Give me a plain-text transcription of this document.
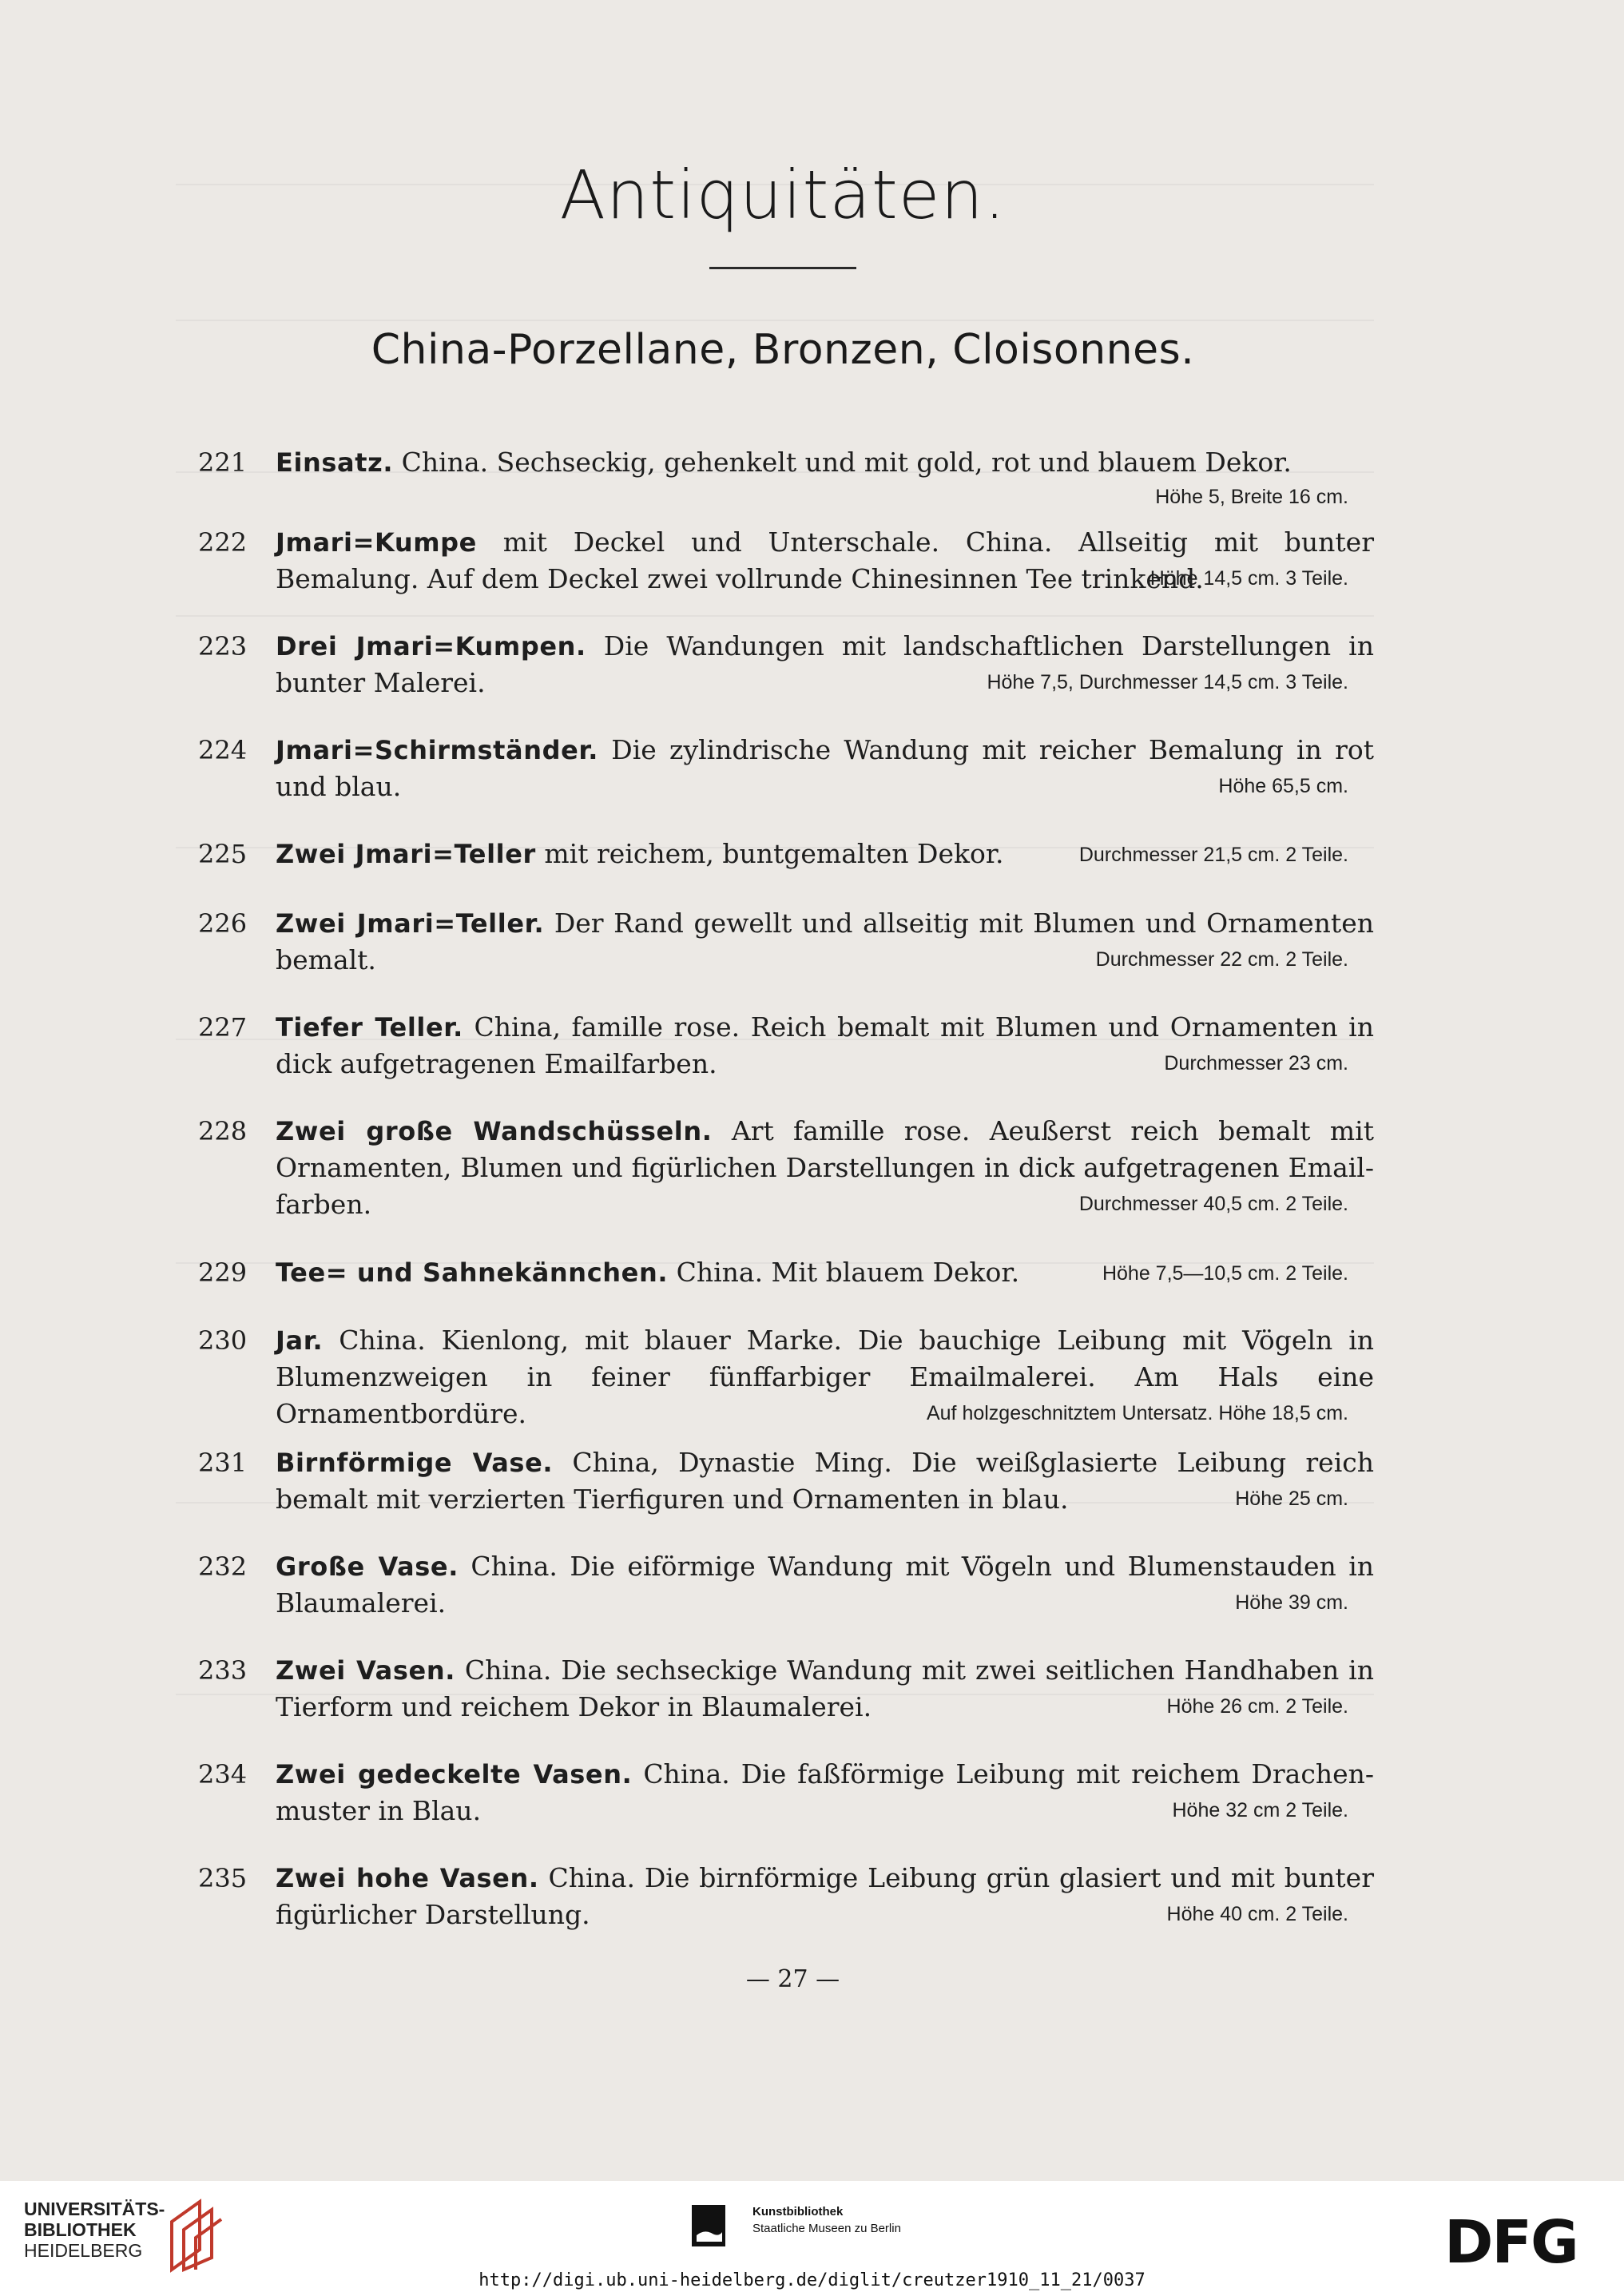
Antiquitäten.
China-Porzellane, Bronzen, Cloisonnes.
221	Einsatz. China. Sechseckig, gehenkelt und mit gold, rot und blauem Dekor.
Höhe 5, Breite 16 cm.
222	Jmari=Kumpe mit Deckel und Unterschale. China. Allseitig mit bunter Bemalung. Auf dem Deckel zwei vollrunde Chinesinnen Tee trinkend.
Höhe 14,5 cm. 3 Teile.
223	Drei Jmari=Kumpen. Die Wandungen mit landschaftlichen Darstellungen in bunter Malerei.	Höhe 7,5, Durchmesser 14,5 cm. 3 Teile.
224	Jmari=Schirmständer. Die zylindrische Wandung mit reicher Bemalung in rot und blau.	Höhe 65,5 cm.
225	Zwei Jmari=Teller mit reichem, buntgemalten Dekor.	Durchmesser 21,5 cm. 2 Teile.
226	Zwei Jmari=Teller. Der Rand gewellt und allseitig mit Blumen und Ornamenten bemalt.	Durchmesser 22 cm. 2 Teile.
227	Tiefer Teller. China, famille rose. Reich bemalt mit Blumen und Ornamenten in dick aufgetragenen Emailfarben.	Durchmesser 23 cm.
228	Zwei große Wandschüsseln. Art famille rose. Aeußerst reich bemalt mit Ornamenten, Blumen und figürlichen Darstellungen in dick aufgetragenen Email-farben.	Durchmesser 40,5 cm. 2 Teile.
229	Tee= und Sahnekännchen. China. Mit blauem Dekor.	Höhe 7,5—10,5 cm. 2 Teile.
230	Jar. China. Kienlong, mit blauer Marke. Die bauchige Leibung mit Vögeln in Blumenzweigen in feiner fünffarbiger Emailmalerei. Am Hals eine Ornamentbordüre.	Auf holzgeschnitztem Untersatz. Höhe 18,5 cm.
231	Birnförmige Vase. China, Dynastie Ming. Die weißglasierte Leibung reich bemalt mit verzierten Tierfiguren und Ornamenten in blau.	Höhe 25 cm.
232	Große Vase. China. Die eiförmige Wandung mit Vögeln und Blumenstauden in Blaumalerei.	Höhe 39 cm.
233	Zwei Vasen. China. Die sechseckige Wandung mit zwei seitlichen Handhaben in Tierform und reichem Dekor in Blaumalerei.	Höhe 26 cm. 2 Teile.
234	Zwei gedeckelte Vasen. China. Die faßförmige Leibung mit reichem Drachen-muster in Blau.	Höhe 32 cm 2 Teile.
235	Zwei hohe Vasen. China. Die birnförmige Leibung grün glasiert und mit bunter figürlicher Darstellung.	Höhe 40 cm. 2 Teile.
— 27 —
UNIVERSITÄTS-
BIBLIOTHEK
HEIDELBERG
Kunstbibliothek
Staatliche Museen zu Berlin	DFG
http://digi.ub.uni-heidelberg.de/diglit/creutzer1910_11_21/0037
